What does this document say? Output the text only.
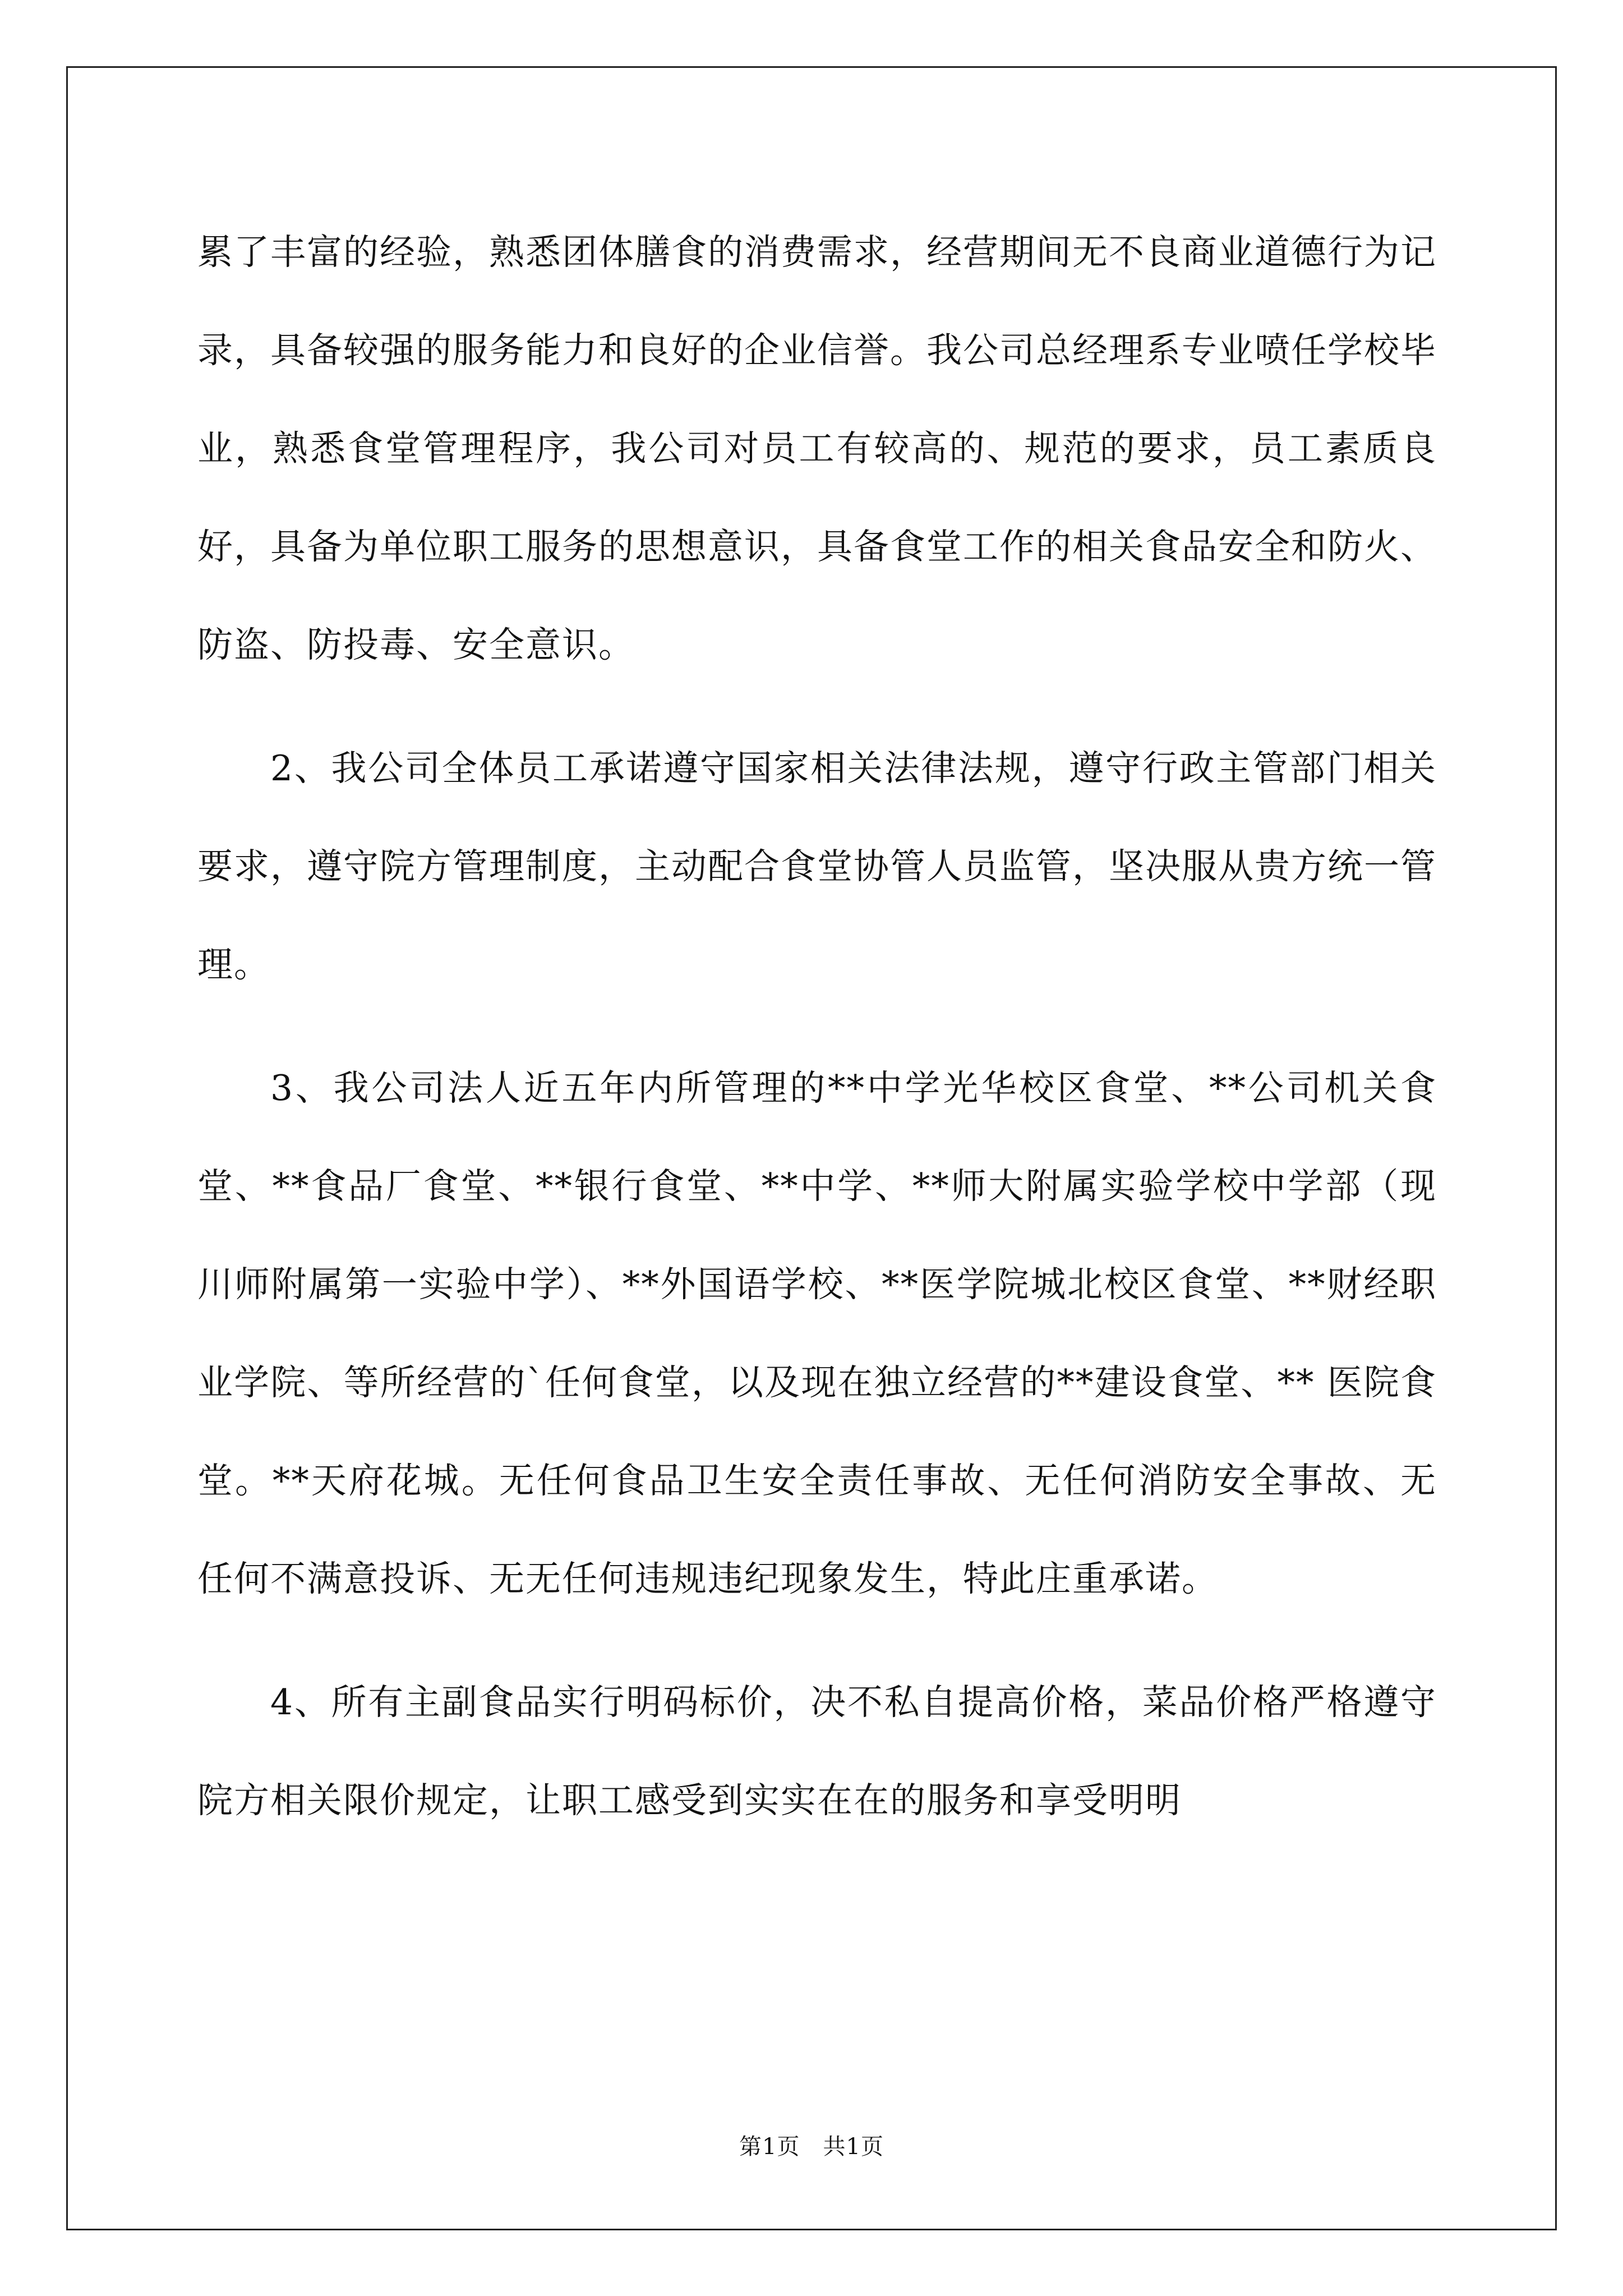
累了丰富的经验，熟悉团体膳食的消费需求，经营期间无不良商业道德行为记录，具备较强的服务能力和良好的企业信誉。我公司总经理系专业喷任学校毕业，熟悉食堂管理程序，我公司对员工有较高的、规范的要求，员工素质良好，具备为单位职工服务的思想意识，具备食堂工作的相关食品安全和防火、防盗、防投毒、安全意识。

2、我公司全体员工承诺遵守国家相关法律法规，遵守行政主管部门相关要求，遵守院方管理制度，主动配合食堂协管人员监管，坚决服从贵方统一管理。

3、我公司法人近五年内所管理的**中学光华校区食堂、**公司机关食堂、**食品厂食堂、**银行食堂、**中学、**师大附属实验学校中学部（现川师附属第一实验中学）、**外国语学校、**医学院城北校区食堂、**财经职业学院、等所经营的`任何食堂，以及现在独立经营的**建设食堂、** 医院食堂。**天府花城。无任何食品卫生安全责任事故、无任何消防安全事故、无任何不满意投诉、无无任何违规违纪现象发生，特此庄重承诺。

4、所有主副食品实行明码标价，决不私自提高价格，菜品价格严格遵守院方相关限价规定，让职工感受到实实在在的服务和享受明明

第1页　共1页
